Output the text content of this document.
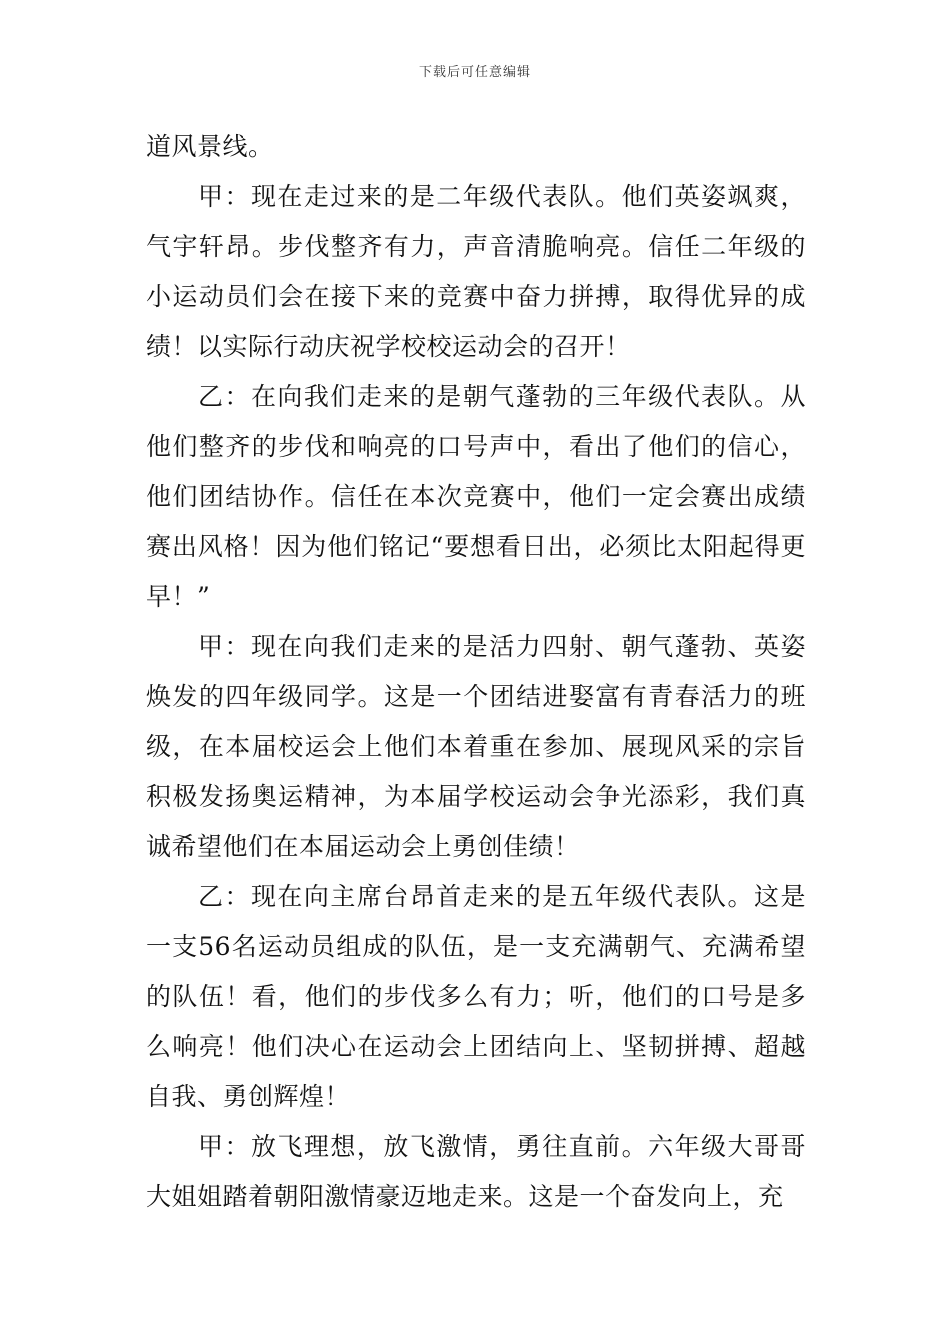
下载后可任意编辑

道风景线。

甲：现在走过来的是二年级代表队。他们英姿飒爽，气宇轩昂。步伐整齐有力，声音清脆响亮。信任二年级的小运动员们会在接下来的竞赛中奋力拼搏，取得优异的成绩！以实际行动庆祝学校校运动会的召开！

乙：在向我们走来的是朝气蓬勃的三年级代表队。从他们整齐的步伐和响亮的口号声中，看出了他们的信心，他们团结协作。信任在本次竞赛中，他们一定会赛出成绩赛出风格！因为他们铭记“要想看日出，必须比太阳起得更早！”

甲：现在向我们走来的是活力四射、朝气蓬勃、英姿焕发的四年级同学。这是一个团结进娶富有青春活力的班级，在本届校运会上他们本着重在参加、展现风采的宗旨积极发扬奥运精神，为本届学校运动会争光添彩，我们真诚希望他们在本届运动会上勇创佳绩！

乙：现在向主席台昂首走来的是五年级代表队。这是一支56名运动员组成的队伍，是一支充满朝气、充满希望的队伍！看，他们的步伐多么有力；听，他们的口号是多么响亮！他们决心在运动会上团结向上、坚韧拼搏、超越自我、勇创辉煌！

甲：放飞理想，放飞激情，勇往直前。六年级大哥哥大姐姐踏着朝阳激情豪迈地走来。这是一个奋发向上，充
